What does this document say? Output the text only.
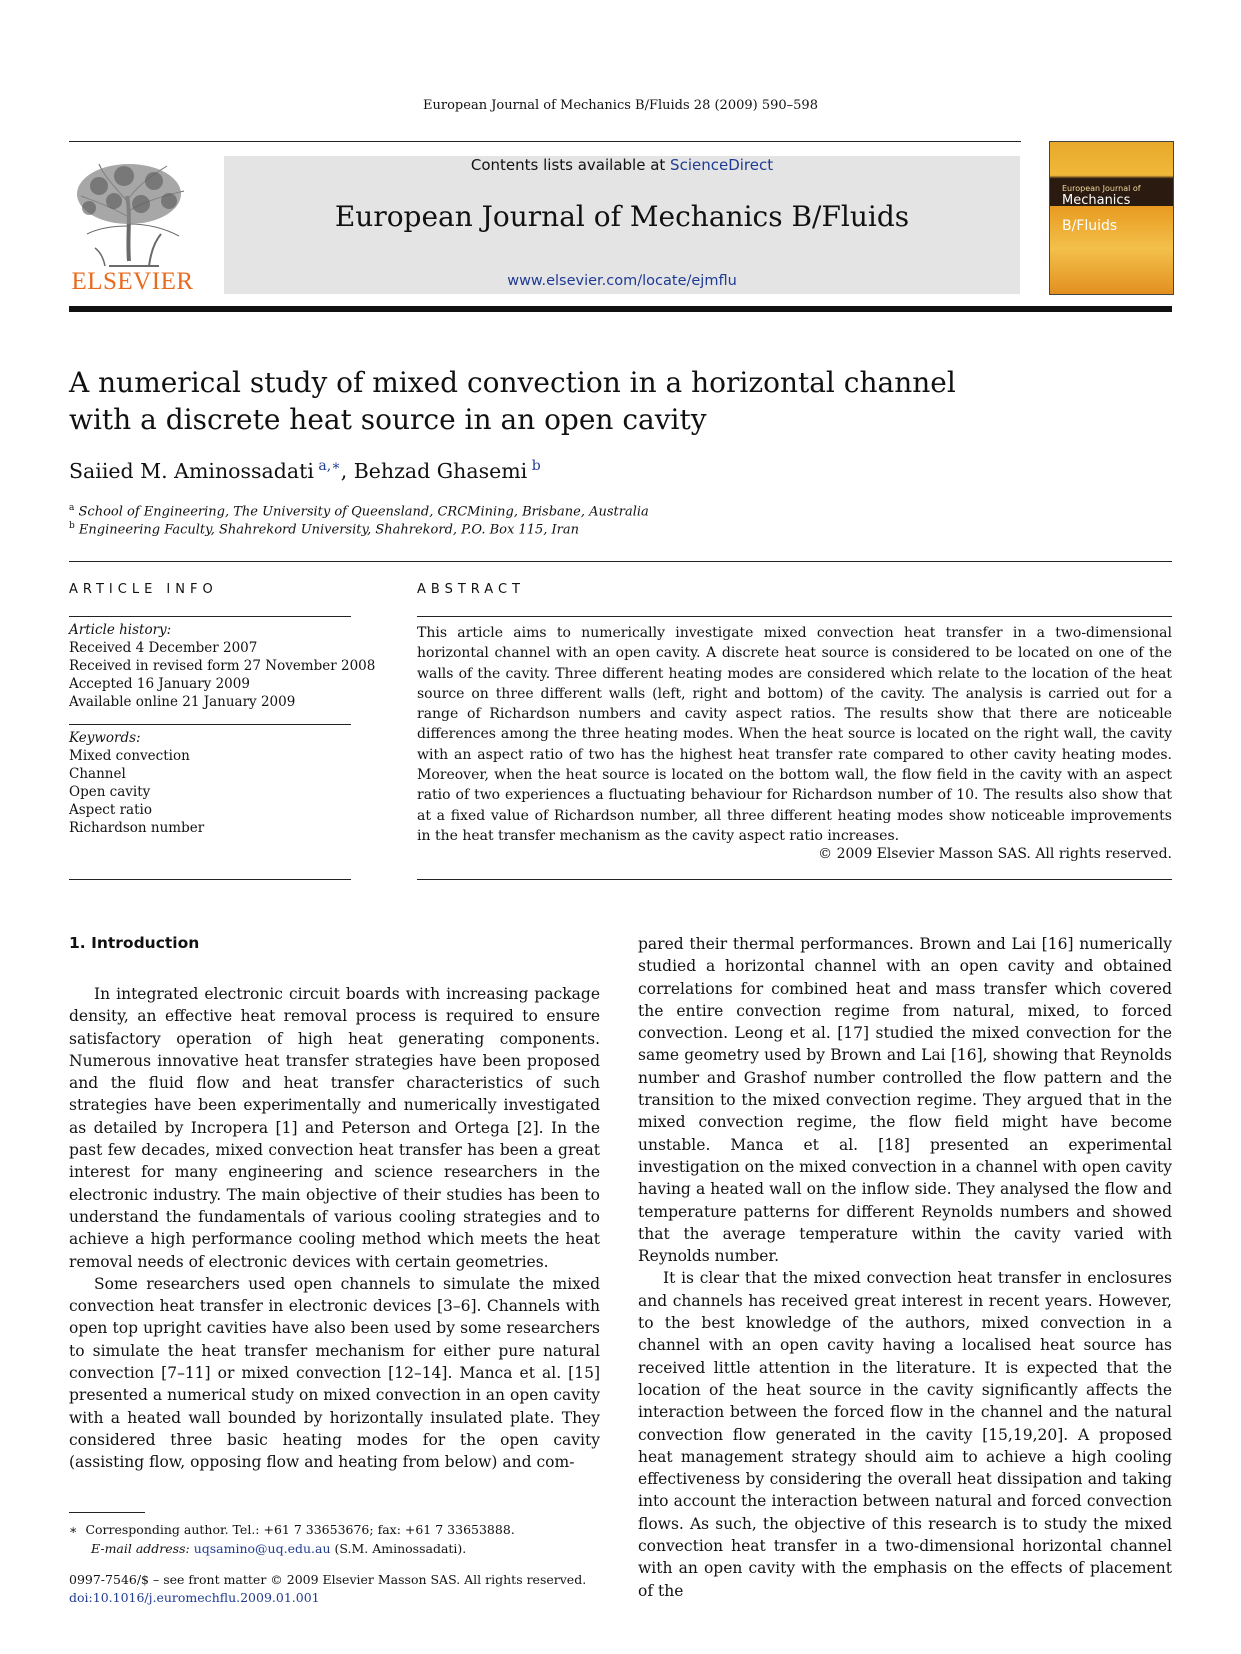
European Journal of Mechanics B/Fluids 28 (2009) 590–598
ELSEVIER
Contents lists available at ScienceDirect
European Journal of Mechanics B/Fluids
www.elsevier.com/locate/ejmflu
European Journal of
Mechanics
B/Fluids
A numerical study of mixed convection in a horizontal channel
with a discrete heat source in an open cavity
Saiied M. Aminossadati $^{a,∗}$, Behzad Ghasemi $^b$
$^a$ School of Engineering, The University of Queensland, CRCMining, Brisbane, Australia
$^b$ Engineering Faculty, Shahrekord University, Shahrekord, P.O. Box 115, Iran
ARTICLE INFO	ABSTRACT
Article history:
Received 4 December 2007
Received in revised form 27 November 2008
Accepted 16 January 2009
Available online 21 January 2009
Keywords:
Mixed convection
Channel
Open cavity
Aspect ratio
Richardson number
This article aims to numerically investigate mixed convection heat transfer in a two-dimensional horizontal channel with an open cavity. A discrete heat source is considered to be located on one of the walls of the cavity. Three different heating modes are considered which relate to the location of the heat source on three different walls (left, right and bottom) of the cavity. The analysis is carried out for a range of Richardson numbers and cavity aspect ratios. The results show that there are noticeable differences among the three heating modes. When the heat source is located on the right wall, the cavity with an aspect ratio of two has the highest heat transfer rate compared to other cavity heating modes. Moreover, when the heat source is located on the bottom wall, the flow field in the cavity with an aspect ratio of two experiences a fluctuating behaviour for Richardson number of 10. The results also show that at a fixed value of Richardson number, all three different heating modes show noticeable improvements in the heat transfer mechanism as the cavity aspect ratio increases.
© 2009 Elsevier Masson SAS. All rights reserved.
1. Introduction

In integrated electronic circuit boards with increasing package density, an effective heat removal process is required to ensure satisfactory operation of high heat generating components. Numerous innovative heat transfer strategies have been proposed and the fluid flow and heat transfer characteristics of such strategies have been experimentally and numerically investigated as detailed by Incropera [1] and Peterson and Ortega [2]. In the past few decades, mixed convection heat transfer has been a great interest for many engineering and science researchers in the electronic industry. The main objective of their studies has been to understand the fundamentals of various cooling strategies and to achieve a high performance cooling method which meets the heat removal needs of electronic devices with certain geometries.

Some researchers used open channels to simulate the mixed convection heat transfer in electronic devices [3–6]. Channels with open top upright cavities have also been used by some researchers to simulate the heat transfer mechanism for either pure natural convection [7–11] or mixed convection [12–14]. Manca et al. [15] presented a numerical study on mixed convection in an open cavity with a heated wall bounded by horizontally insulated plate. They considered three basic heating modes for the open cavity (assisting flow, opposing flow and heating from below) and com-

pared their thermal performances. Brown and Lai [16] numerically studied a horizontal channel with an open cavity and obtained correlations for combined heat and mass transfer which covered the entire convection regime from natural, mixed, to forced convection. Leong et al. [17] studied the mixed convection for the same geometry used by Brown and Lai [16], showing that Reynolds number and Grashof number controlled the flow pattern and the transition to the mixed convection regime. They argued that in the mixed convection regime, the flow field might have become unstable. Manca et al. [18] presented an experimental investigation on the mixed convection in a channel with open cavity having a heated wall on the inflow side. They analysed the flow and temperature patterns for different Reynolds numbers and showed that the average temperature within the cavity varied with Reynolds number.

It is clear that the mixed convection heat transfer in enclosures and channels has received great interest in recent years. However, to the best knowledge of the authors, mixed convection in a channel with an open cavity having a localised heat source has received little attention in the literature. It is expected that the location of the heat source in the cavity significantly affects the interaction between the forced flow in the channel and the natural convection flow generated in the cavity [15,19,20]. A proposed heat management strategy should aim to achieve a high cooling effectiveness by considering the overall heat dissipation and taking into account the interaction between natural and forced convection flows. As such, the objective of this research is to study the mixed convection heat transfer in a two-dimensional horizontal channel with an open cavity with the emphasis on the effects of placement of the

∗ Corresponding author. Tel.: +61 7 33653676; fax: +61 7 33653888.
E-mail address: uqsamino@uq.edu.au (S.M. Aminossadati).
0997-7546/$ – see front matter © 2009 Elsevier Masson SAS. All rights reserved.
doi:10.1016/j.euromechflu.2009.01.001
